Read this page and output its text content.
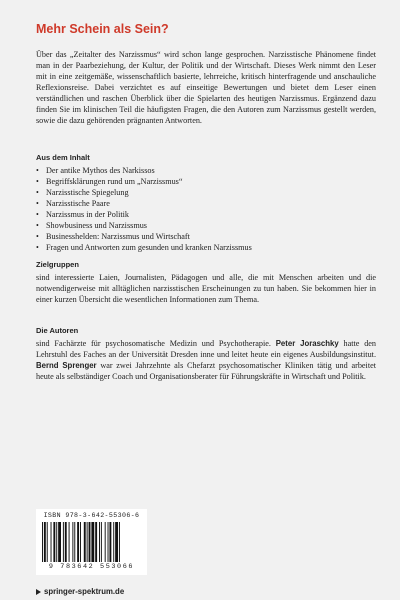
Mehr Schein als Sein?

Über das „Zeitalter des Narzissmus“ wird schon lange gesprochen. Narzisstische Phänomene findet man in der Paarbeziehung, der Kultur, der Politik und der Wirtschaft. Dieses Werk nimmt den Leser mit in eine zeitgemäße, wissenschaftlich basierte, lehrreiche, kritisch hinterfragende und anschauliche Reflexionsreise. Dabei verzichtet es auf einseitige Bewertungen und bietet dem Leser einen verständlichen und raschen Überblick über die Spielarten des heutigen Narzissmus. Ergänzend dazu finden Sie im klinischen Teil die häufigsten Fragen, die den Autoren zum Narzissmus gestellt werden, sowie die dazu gehörenden prägnanten Antworten.

Aus dem Inhalt
• Der antike Mythos des Narkissos
• Begriffsklärungen rund um „Narzissmus“
• Narzisstische Spiegelung
• Narzisstische Paare
• Narzissmus in der Politik
• Showbusiness und Narzissmus
• Businesshelden: Narzissmus und Wirtschaft
• Fragen und Antworten zum gesunden und kranken Narzissmus
Zielgruppen

sind interessierte Laien, Journalisten, Pädagogen und alle, die mit Menschen arbeiten und die notwendigerweise mit alltäglichen narzisstischen Erscheinungen zu tun haben. Sie bekommen hier in einer kurzen Übersicht die wesentlichen Informationen zum Thema.

Die Autoren

sind Fachärzte für psychosomatische Medizin und Psychotherapie. Peter Joraschky hatte den Lehrstuhl des Faches an der Universität Dresden inne und leitet heute ein eigenes Ausbildungsinstitut. Bernd Sprenger war zwei Jahrzehnte als Chefarzt psychosomatischer Kliniken tätig und arbeitet heute als selbständiger Coach und Organisationsberater für Führungskräfte in Wirtschaft und Politik.

ISBN 978-3-642-55306-6
9 783642 553066
springer-spektrum.de
